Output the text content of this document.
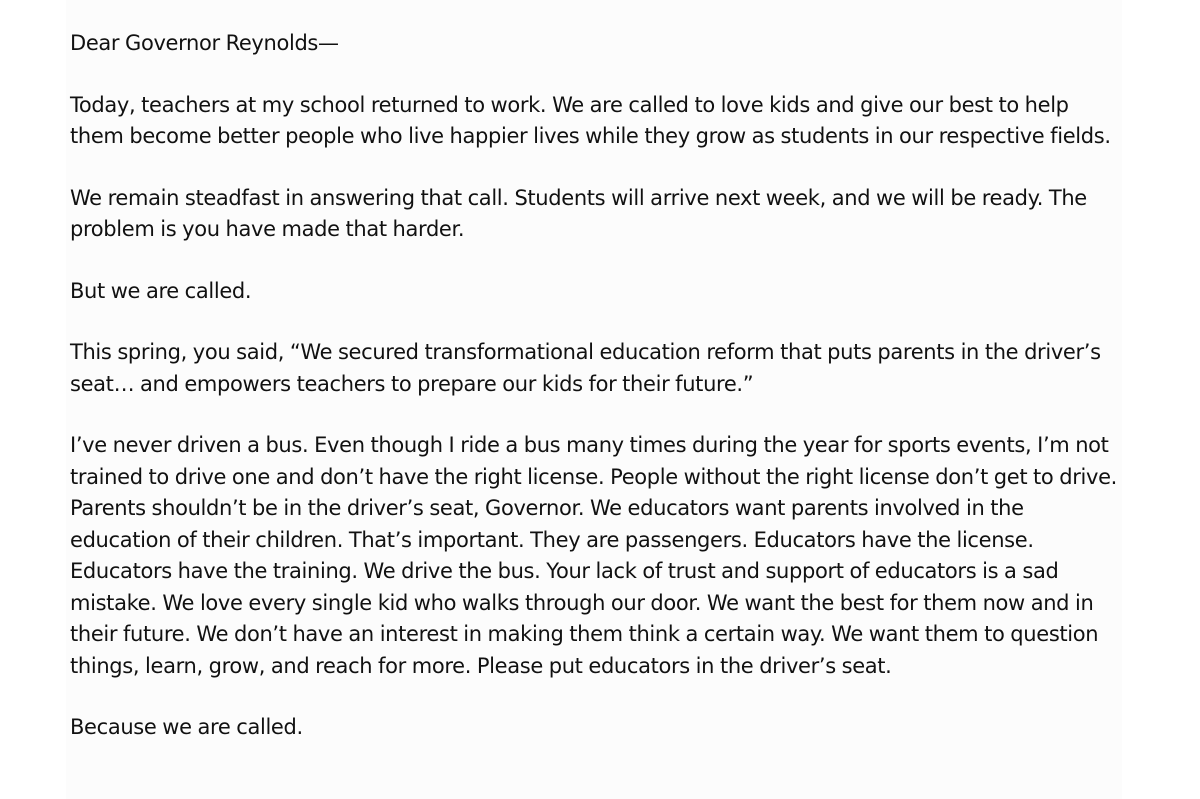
Dear Governor Reynolds—

Today, teachers at my school returned to work. We are called to love kids and give our best to help them become better people who live happier lives while they grow as students in our respective fields.

We remain steadfast in answering that call. Students will arrive next week, and we will be ready. The problem is you have made that harder.

But we are called.

This spring, you said, “We secured transformational education reform that puts parents in the driver’s seat… and empowers teachers to prepare our kids for their future.”

I’ve never driven a bus. Even though I ride a bus many times during the year for sports events, I’m not trained to drive one and don’t have the right license. People without the right license don’t get to drive. Parents shouldn’t be in the driver’s seat, Governor. We educators want parents involved in the education of their children. That’s important. They are passengers. Educators have the license. Educators have the training. We drive the bus. Your lack of trust and support of educators is a sad mistake. We love every single kid who walks through our door. We want the best for them now and in their future. We don’t have an interest in making them think a certain way. We want them to question things, learn, grow, and reach for more. Please put educators in the driver’s seat.

Because we are called.
